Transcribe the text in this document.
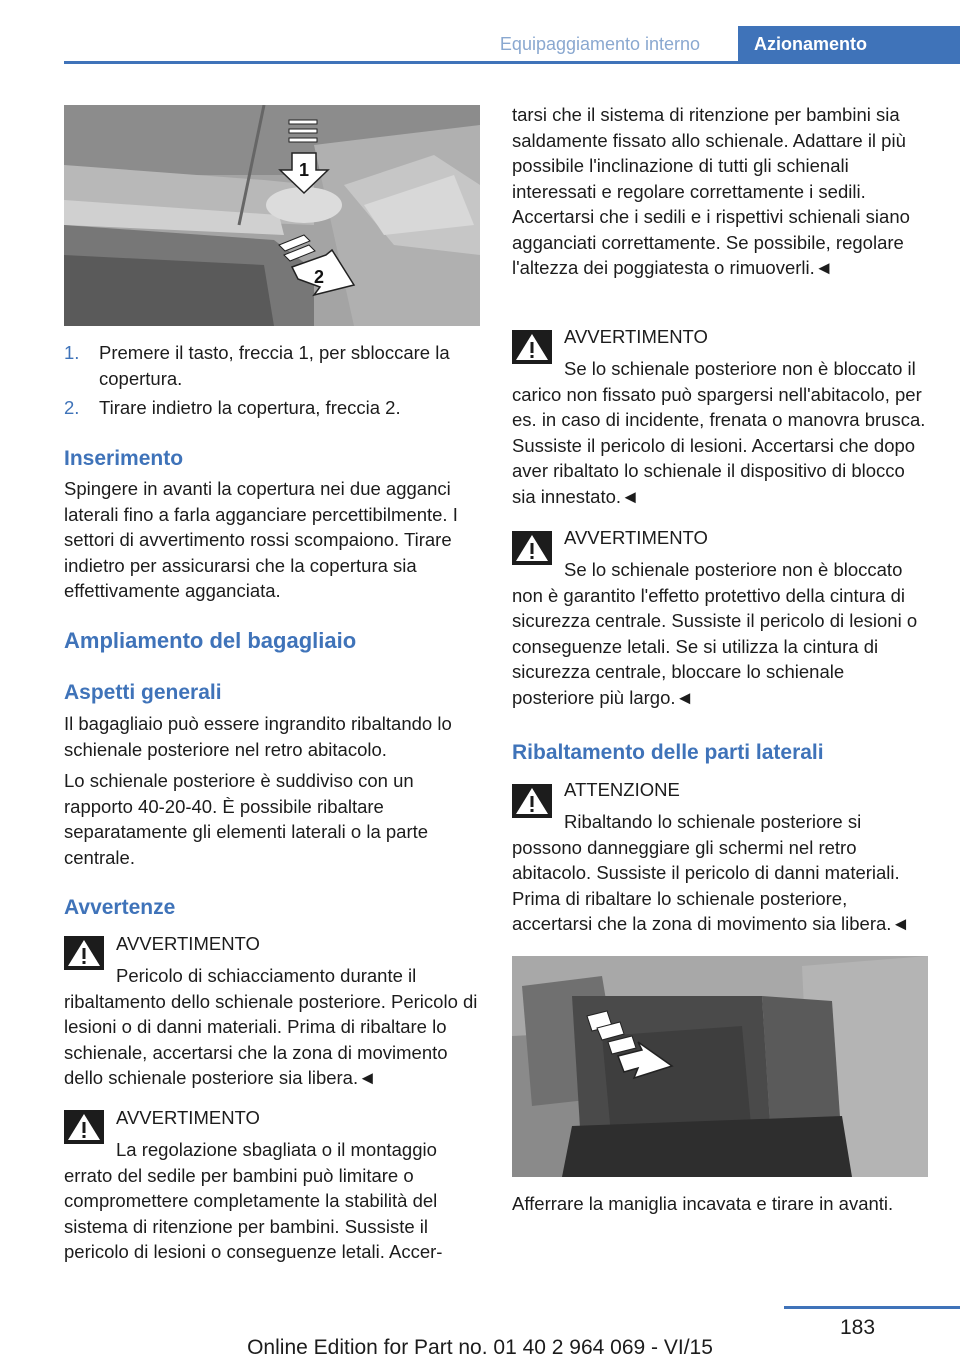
Equipaggiamento interno	Azionamento
1
2
1.	Premere il tasto, freccia 1, per sbloccare la copertura.
2.	Tirare indietro la copertura, freccia 2.
Inserimento

Spingere in avanti la copertura nei due agganci laterali fino a farla agganciare percettibilmente. I settori di avvertimento rossi scompaiono. Tirare indietro per assicurarsi che la copertura sia effettivamente agganciata.

Ampliamento del bagagliaio
Aspetti generali

Il bagagliaio può essere ingrandito ribaltando lo schienale posteriore nel retro abitacolo.

Lo schienale posteriore è suddiviso con un rapporto 40-20-40. È possibile ribaltare separatamente gli elementi laterali o la parte centrale.

Avvertenze
AVVERTIMENTO

Pericolo di schiacciamento durante il ribaltamento dello schienale posteriore. Pericolo di lesioni o di danni materiali. Prima di ribaltare lo schienale, accertarsi che la zona di movimento dello schienale posteriore sia libera.◄

AVVERTIMENTO

La regolazione sbagliata o il montaggio errato del sedile per bambini può limitare o compromettere completamente la stabilità del sistema di ritenzione per bambini. Sussiste il pericolo di lesioni o conseguenze letali. Accer-

tarsi che il sistema di ritenzione per bambini sia saldamente fissato allo schienale. Adattare il più possibile l'inclinazione di tutti gli schienali interessati e regolare correttamente i sedili. Accertarsi che i sedili e i rispettivi schienali siano agganciati correttamente. Se possibile, regolare l'altezza dei poggiatesta o rimuoverli.◄

AVVERTIMENTO

Se lo schienale posteriore non è bloccato il carico non fissato può spargersi nell'abitacolo, per es. in caso di incidente, frenata o manovra brusca. Sussiste il pericolo di lesioni. Accertarsi che dopo aver ribaltato lo schienale il dispositivo di blocco sia innestato.◄

AVVERTIMENTO

Se lo schienale posteriore non è bloccato non è garantito l'effetto protettivo della cintura di sicurezza centrale. Sussiste il pericolo di lesioni o conseguenze letali. Se si utilizza la cintura di sicurezza centrale, bloccare lo schienale posteriore più largo.◄

Ribaltamento delle parti laterali
ATTENZIONE

Ribaltando lo schienale posteriore si possono danneggiare gli schermi nel retro abitacolo. Sussiste il pericolo di danni materiali. Prima di ribaltare lo schienale posteriore, accertarsi che la zona di movimento sia libera.◄

Afferrare la maniglia incavata e tirare in avanti.

183
Online Edition for Part no. 01 40 2 964 069 - VI/15
